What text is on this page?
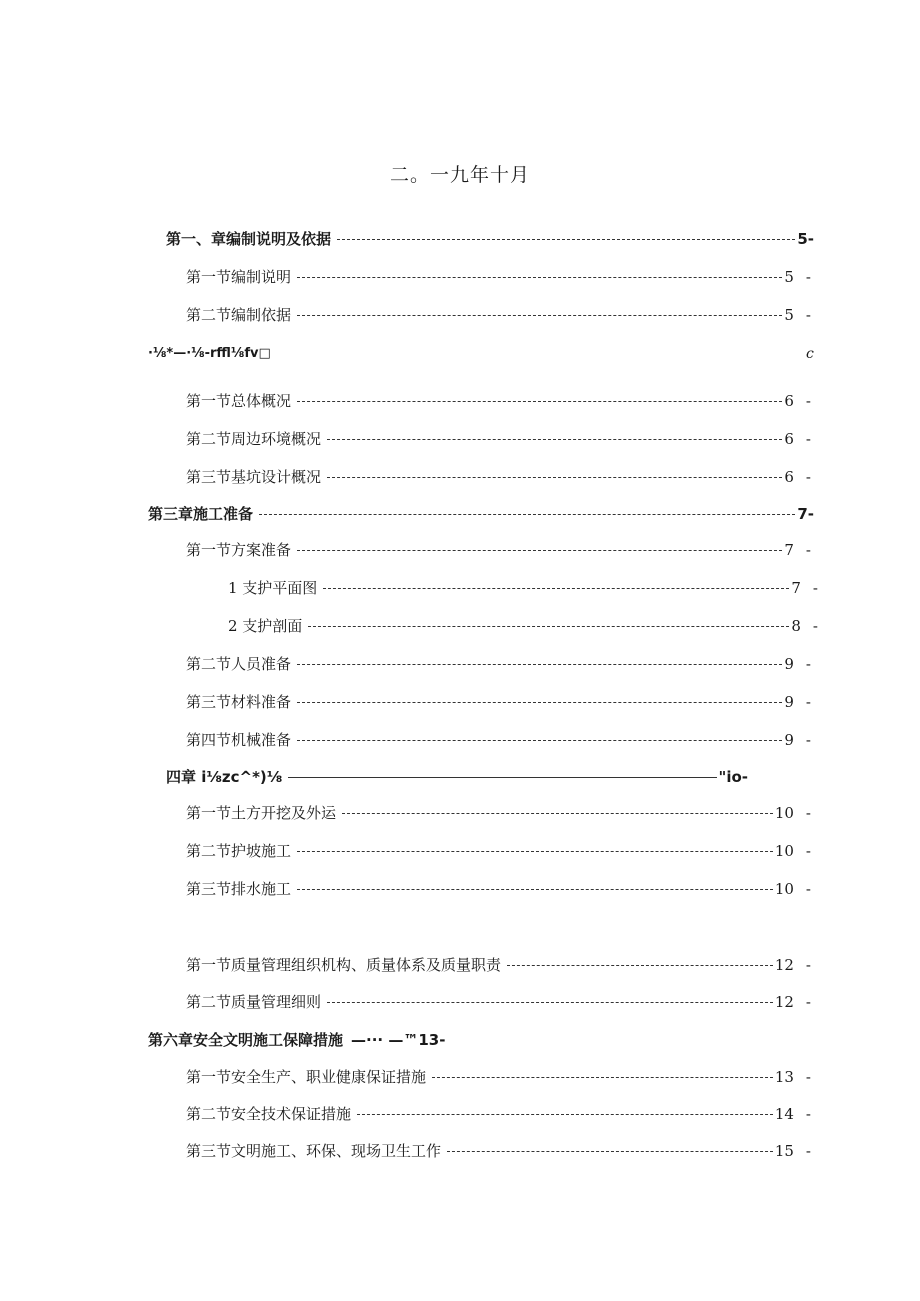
二。一九年十月
第一、章编制说明及依据	5-
第一节编制说明	5 -
第二节编制依据	5 -
·⅛*—·⅛-rffl⅛fv□	c
第一节总体概况	6 -
第二节周边环境概况	6 -
第三节基坑设计概况	6 -
第三章施工准备	7-
第一节方案准备	7 -
1 支护平面图	7 -
2 支护剖面	8 -
第二节人员准备	9 -
第三节材料准备	9 -
第四节机械准备	9 -
四章 i⅛zc^*)⅛	"io-
第一节土方开挖及外运	10 -
第二节护坡施工	10 -
第三节排水施工	10 -
第一节质量管理组织机构、质量体系及质量职责	12 -
第二节质量管理细则	12 -
第六章安全文明施工保障措施 —··· —™13-
第一节安全生产、职业健康保证措施	13 -
第二节安全技术保证措施	14 -
第三节文明施工、环保、现场卫生工作	15 -
